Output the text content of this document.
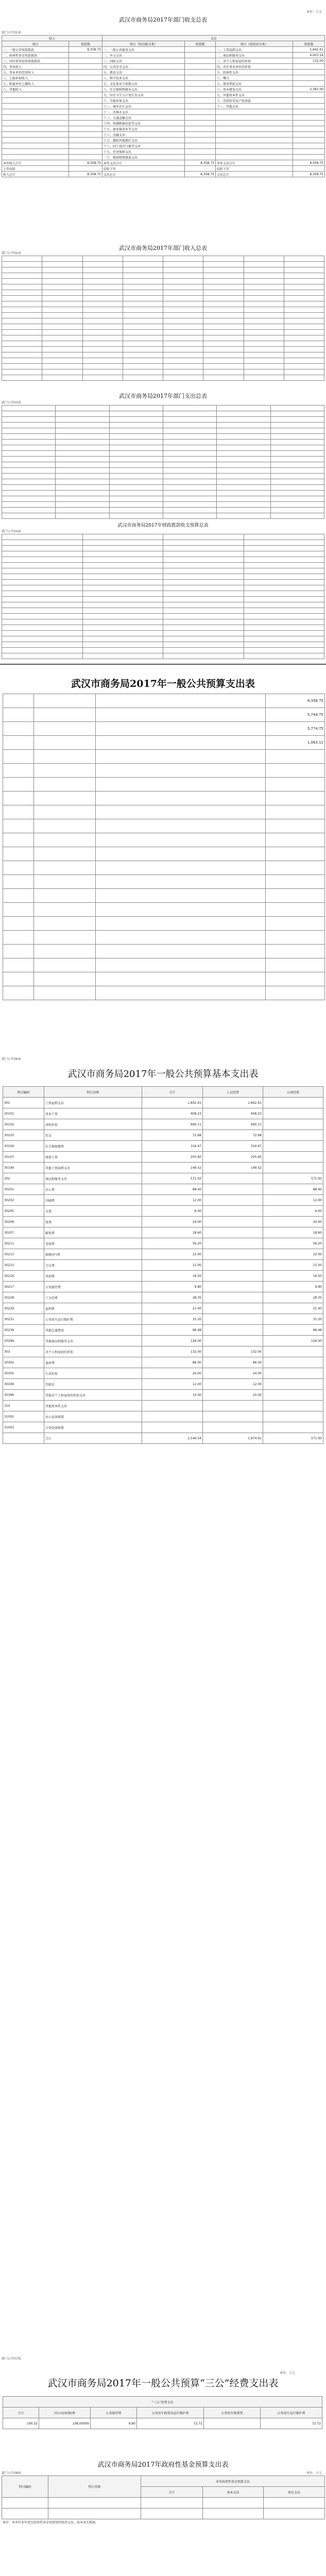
武汉市商务局2017年部门收支总表
部门公开01表
单位：万元
收入		支出			
项目	预算数	项目（按功能分类）	预算数	项目（按经济分类）	预算数
一、一般公共预算拨款	8,358.75	一、一般公共服务支出		一、工资福利支出	1,842.61
二、政府性基金预算拨款		二、外交支出		二、商品和服务支出	4,003.14
三、国有资本经营预算拨款		三、国防支出		三、对个人和家庭的补助	132.00
四、事业收入		四、公共安全支出		四、对企事业单位的补贴	
五、事业单位经营收入		五、教育支出		五、转移性支出	
六、上级补助收入		六、科学技术支出		六、赠与	
七、附属单位上缴收入		七、文化体育与传媒支出		七、债务利息支出	
八、其他收入		八、社会保障和就业支出		八、基本建设支出	2,381.00
		九、医疗卫生与计划生育支出		九、其他资本性支出	
		十、节能环保支出		十、贷款转贷及产权参股	
		十一、城乡社区支出		十一、其他支出	
		十二、农林水支出			
		十三、交通运输支出			
		十四、资源勘探信息等支出			
		十五、商业服务业等支出			
		十六、金融支出			
		十七、援助其他地区支出			
		十八、国土海洋气象等支出			
		十九、住房保障支出			
		二十、粮油物资储备支出			
本年收入合计	8,358.75	本年支出合计	8,358.75	本年支出合计	8,358.75
上年结转		结转下年		结转下年	
收入总计	8,358.75	支出总计	8,358.75	支出总计	8,358.75
武汉市商务局2017年部门收入总表
部门公开02表

武汉市商务局2017年部门支出总表
部门公开03表

武汉市商务局2017年财政拨款收支预算总表
部门公开04表

武汉市商务局2017年一般公共预算支出表
			8,358.75
			5,744.75
			5,774.75
			1,063.11

武汉市商务局2017年一般公共预算基本支出表
部门公开06表
科目编码	科目名称	合计	人员经费	公用经费
301	工资福利支出	1,842.61	1,842.61	
30101	基本工资	408.23	408.23	
30102	津贴补贴	690.11	690.11	
30103	奖金	72.68	72.68	
30104	社会保障缴费	316.47	316.47	
30107	绩效工资	205.60	205.60	
30199	其他工资福利支出	149.52	149.52	
302	商品和服务支出	571.93		571.93
30201	办公费	88.40		88.40
30202	印刷费	12.00		12.00
30205	水费	6.00		6.00
30206	电费	24.00		24.00
30207	邮电费	18.60		18.60
30211	差旅费	56.20		56.20
30213	维修(护)费	22.00		22.00
30215	会议费	15.00		15.00
30216	培训费	16.50		16.50
30217	公务接待费	9.80		9.80
30228	工会经费	28.35		28.35
30229	福利费	21.40		21.40
30231	公务用车运行维护费	31.20		31.20
30239	其他交通费用	96.48		96.48
30299	其他商品和服务支出	126.00		126.00
303	对个人和家庭的补助	132.00	132.00	
30302	退休费	86.00	86.00	
30305	生活补助	24.00	24.00	
30309	奖励金	12.00	12.00	
30399	其他对个人和家庭的补助支出	10.00	10.00	
310	其他资本性支出			
31002	办公设备购置			
31003	专用设备购置			
	合计	2,546.54	1,974.61	571.93
部门公开07表
单位：万元
武汉市商务局2017年一般公共预算“三公”经费支出表
“三公”经费支出					
合计	因公出国(境)费	公务接待费	公务用车购置及运行维护费	公务用车购置费	公务用车运行维护费
190.52	108.00000	9.80	72.72		72.72
武汉市商务局2017年政府性基金预算支出表
部门公开08表	单位：万元
科目编码	科目名称	本年政府性基金预算支出		
		合计	基本支出	项目支出

备注：本单位本年度无政府性基金预算财政拨款支出，故本表无数据。
